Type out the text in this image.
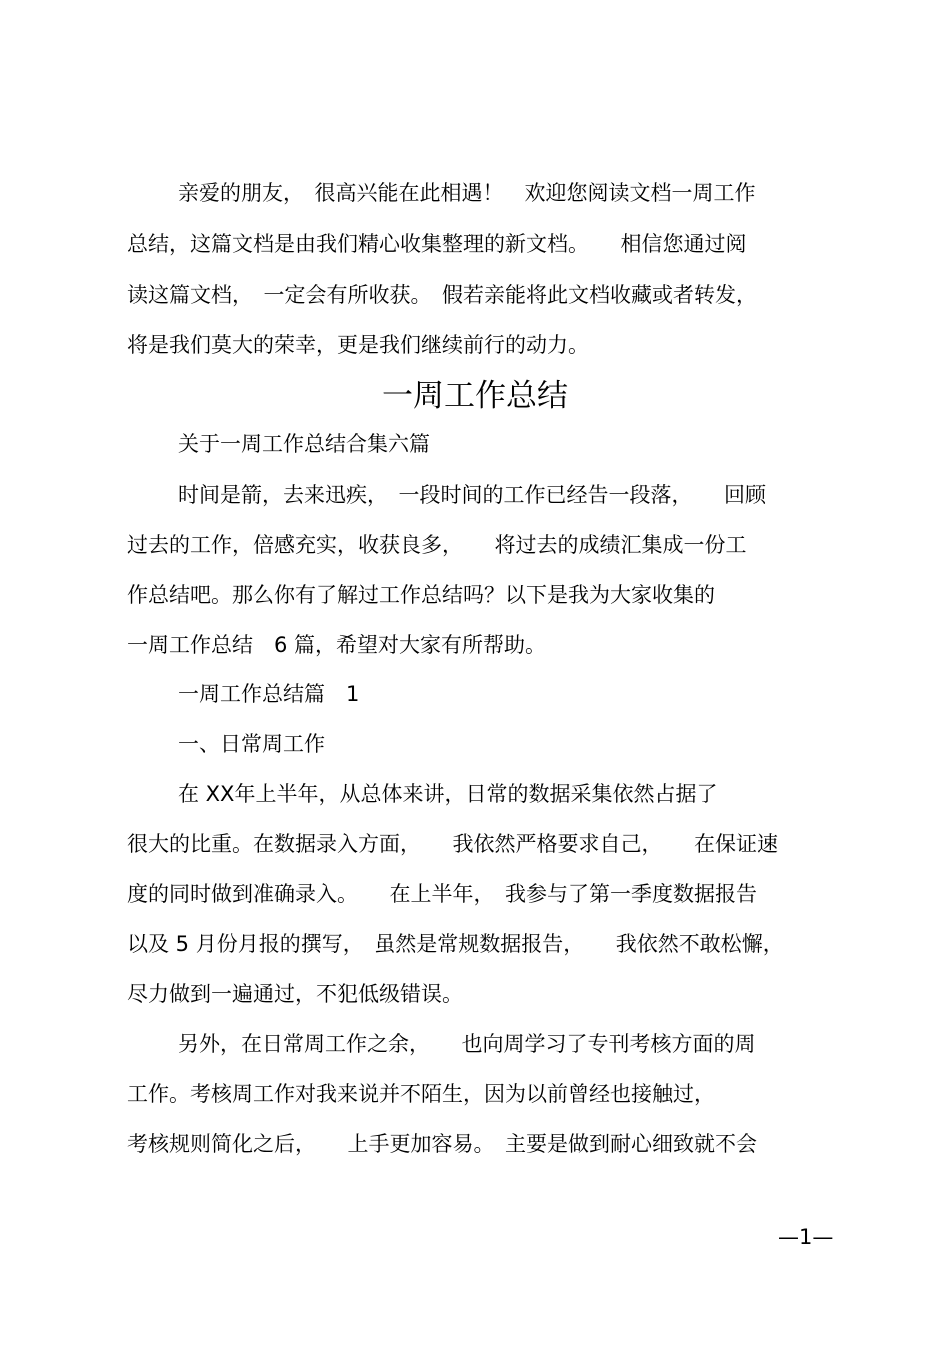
亲爱的朋友，　很高兴能在此相遇！　欢迎您阅读文档一周工作
总结，这篇文档是由我们精心收集整理的新文档。　　相信您通过阅
读这篇文档，　一定会有所收获。　假若亲能将此文档收藏或者转发，
将是我们莫大的荣幸，更是我们继续前行的动力。
一周工作总结
关于一周工作总结合集六篇
时间是箭，去来迅疾，　一段时间的工作已经告一段落，　　回顾
过去的工作，倍感充实，收获良多，　　将过去的成绩汇集成一份工
作总结吧。那么你有了解过工作总结吗？以下是我为大家收集的
一周工作总结　6 篇，希望对大家有所帮助。
一周工作总结篇　1
一、日常周工作
在 XX年上半年，从总体来讲，日常的数据采集依然占据了
很大的比重。在数据录入方面，　　我依然严格要求自己，　　在保证速
度的同时做到准确录入。　　在上半年，　我参与了第一季度数据报告
以及 5 月份月报的撰写，　虽然是常规数据报告，　　我依然不敢松懈，
尽力做到一遍通过，不犯低级错误。
另外，在日常周工作之余，　　也向周学习了专刊考核方面的周
工作。考核周工作对我来说并不陌生，因为以前曾经也接触过，
考核规则简化之后，　　上手更加容易。　主要是做到耐心细致就不会
—1—
